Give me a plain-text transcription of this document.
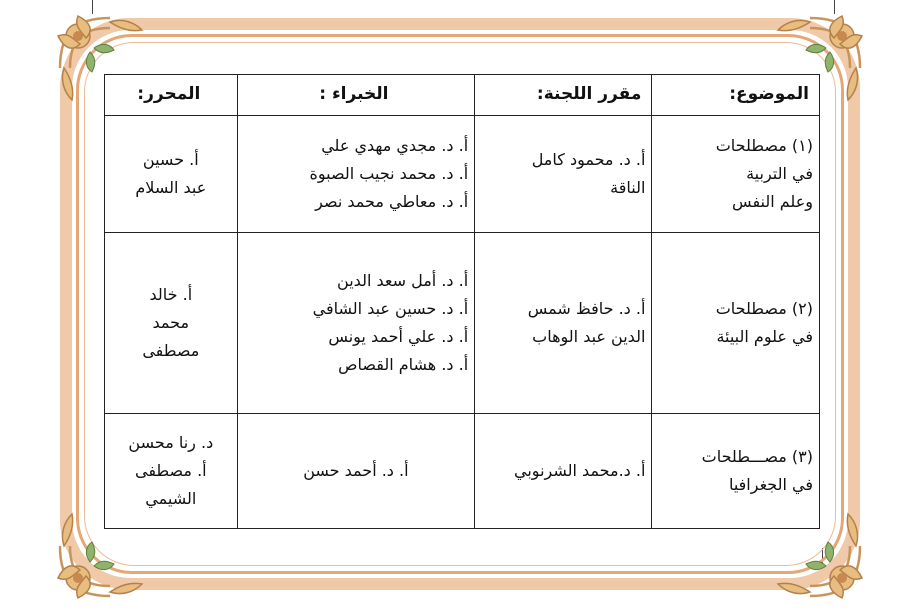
الموضوع:	مقرر اللجنة:	الخبراء :	المحرر:

(١) مصطلحات
في التربية
وعلم النفس	أ. د. محمود كامل
الناقة	أ. د. مجدي مهدي علي
أ. د. محمد نجيب الصبوة
أ. د. معاطي محمد نصر	أ. حسين
عبد السلام

(٢) مصطلحات
في علوم البيئة	أ. د. حافظ شمس
الدين عبد الوهاب	أ. د. أمل سعد الدين
أ. د. حسين عبد الشافي
أ. د. علي أحمد يونس
أ. د. هشام القصاص	أ. خالد
محمد
مصطفى

(٣) مصـــطلحات
في الجغرافيا	أ. د.محمد الشرنوبي	أ. د. أحمد حسن	د. رنا محسن
أ. مصطفى
الشيمي
